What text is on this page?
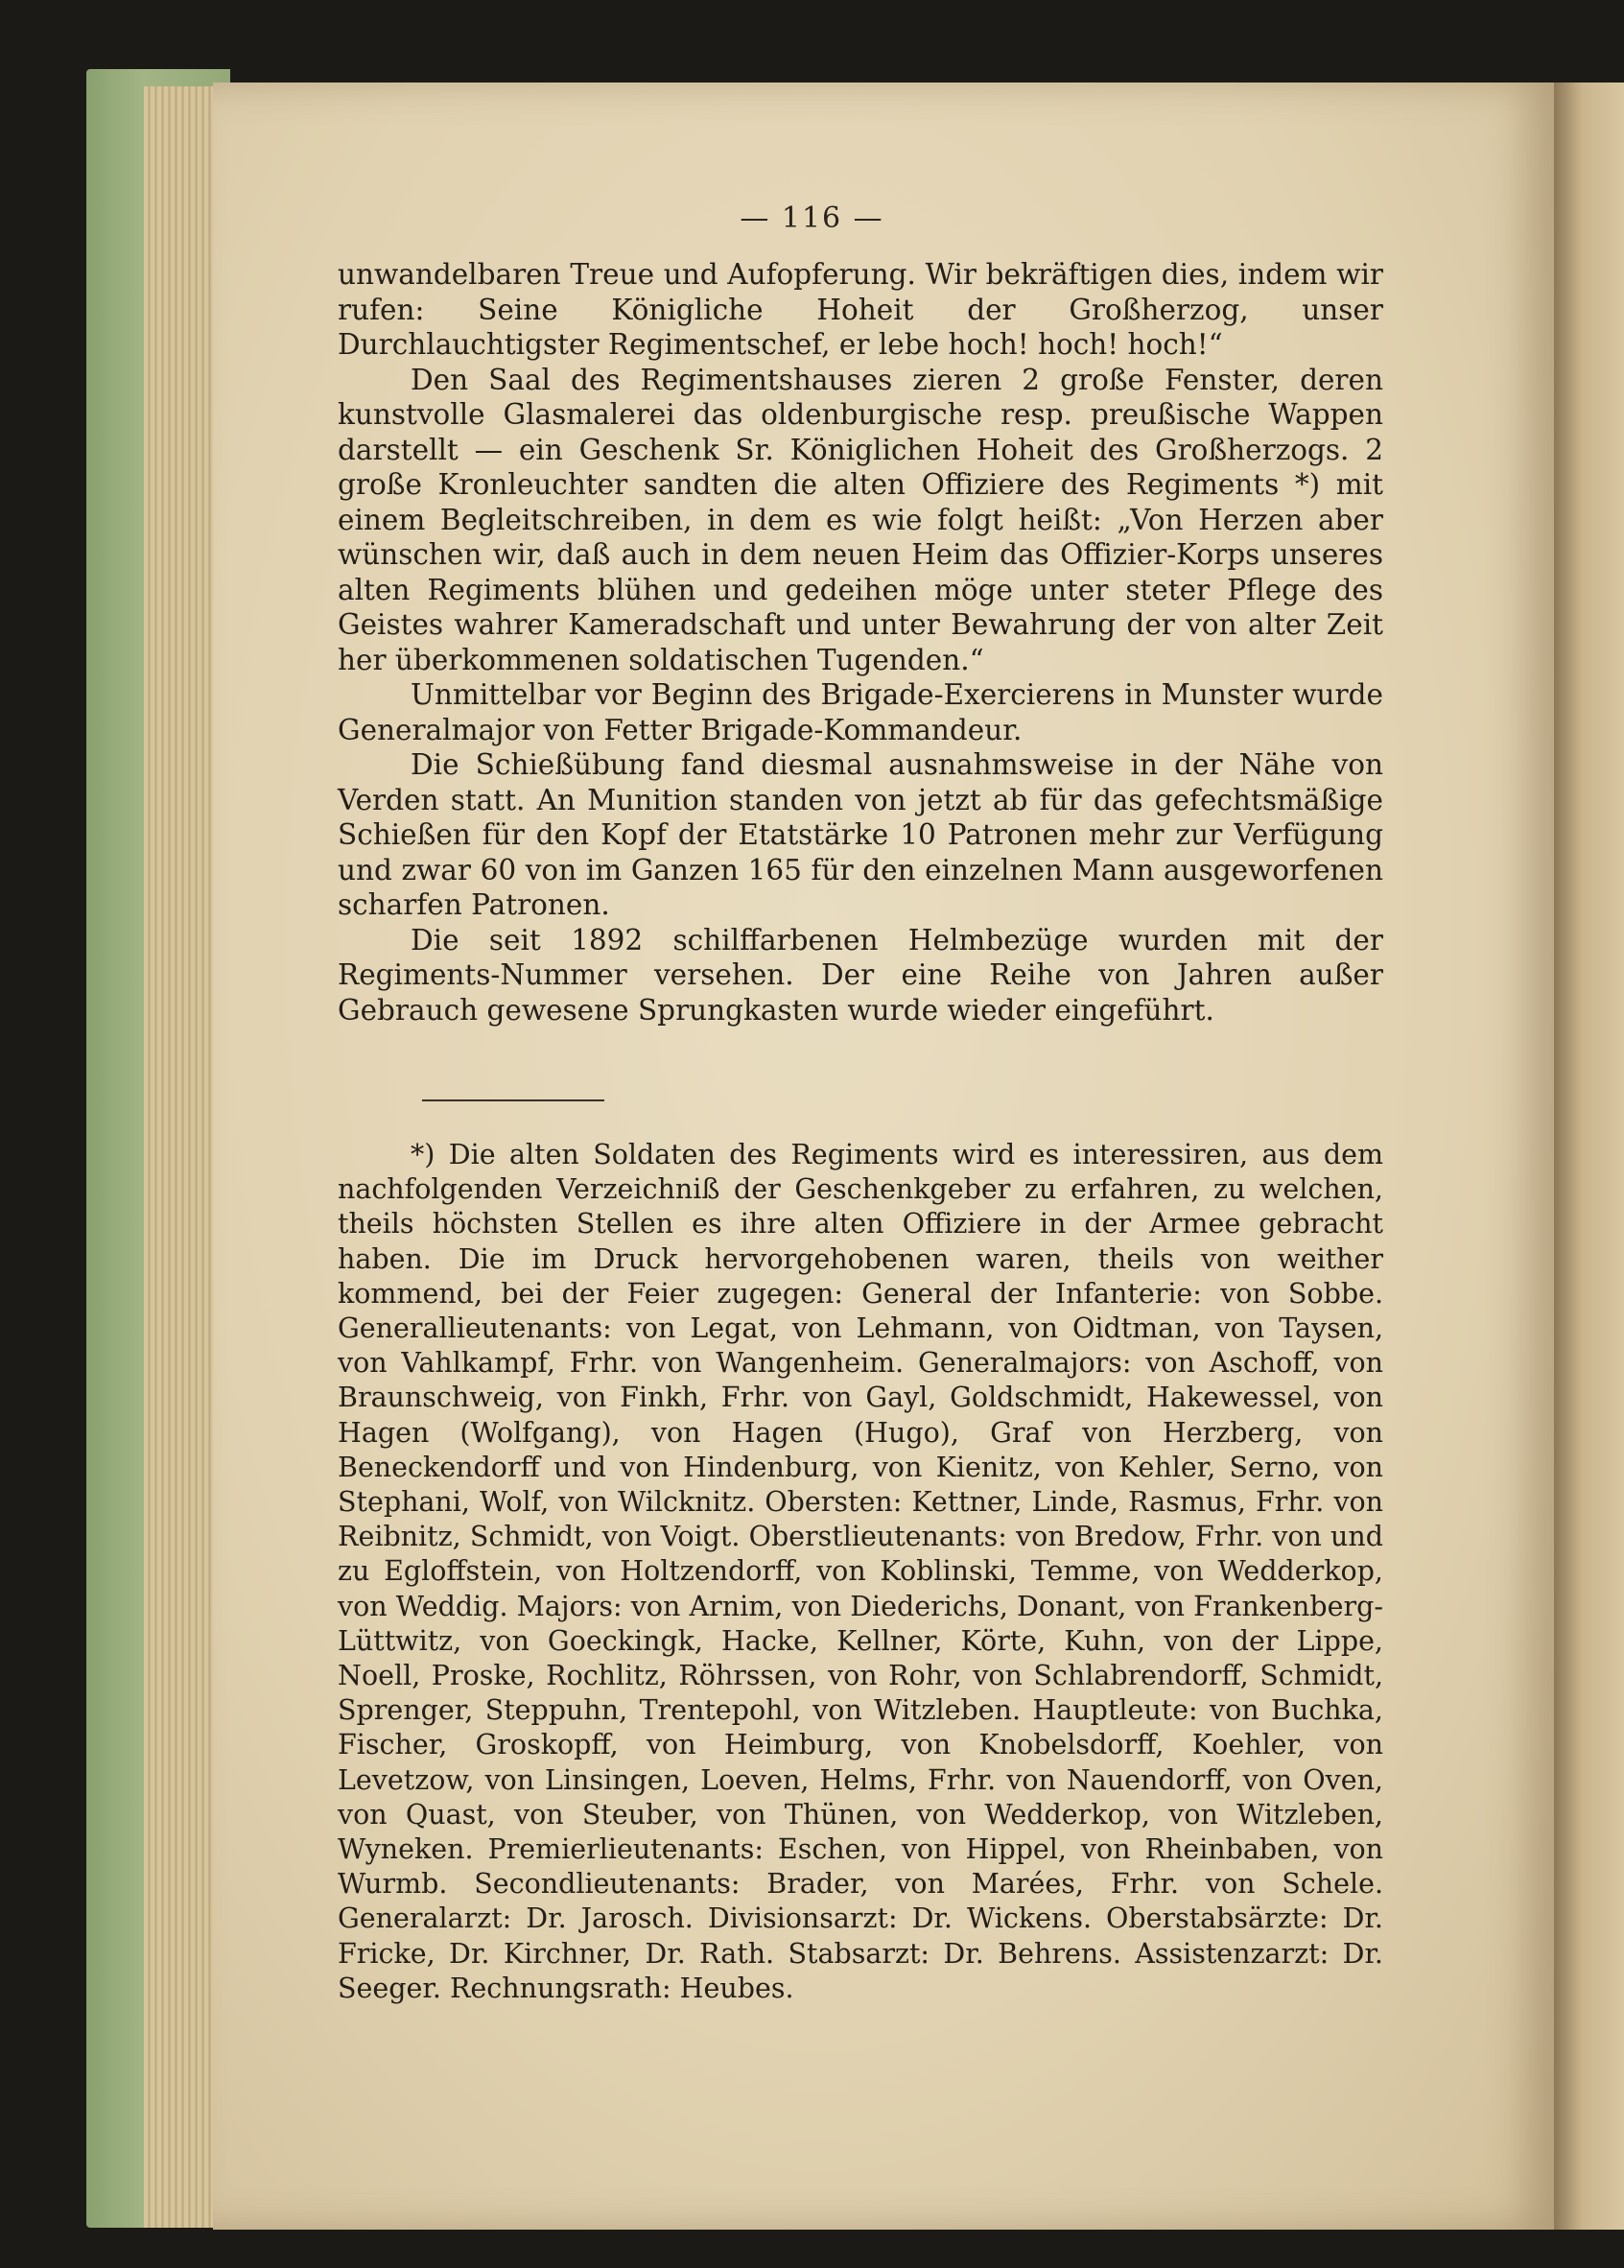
— 116 —

unwandelbaren Treue und Aufopferung. Wir bekräftigen dies, indem wir rufen: Seine Königliche Hoheit der Großherzog, unser Durchlauchtigster Regimentschef, er lebe hoch! hoch! hoch!“

Den Saal des Regimentshauses zieren 2 große Fenster, deren kunstvolle Glasmalerei das oldenburgische resp. preußische Wappen darstellt — ein Geschenk Sr. Königlichen Hoheit des Großherzogs. 2 große Kronleuchter sandten die alten Offiziere des Regiments *) mit einem Begleitschreiben, in dem es wie folgt heißt: „Von Herzen aber wünschen wir, daß auch in dem neuen Heim das Offizier-Korps unseres alten Regiments blühen und gedeihen möge unter steter Pflege des Geistes wahrer Kameradschaft und unter Bewahrung der von alter Zeit her überkommenen soldatischen Tugenden.“

Unmittelbar vor Beginn des Brigade-Exercierens in Munster wurde Generalmajor von Fetter Brigade-Kommandeur.

Die Schießübung fand diesmal ausnahmsweise in der Nähe von Verden statt. An Munition standen von jetzt ab für das gefechtsmäßige Schießen für den Kopf der Etatstärke 10 Patronen mehr zur Verfügung und zwar 60 von im Ganzen 165 für den einzelnen Mann ausgeworfenen scharfen Patronen.

Die seit 1892 schilffarbenen Helmbezüge wurden mit der Regiments-Nummer versehen. Der eine Reihe von Jahren außer Gebrauch gewesene Sprungkasten wurde wieder eingeführt.

*) Die alten Soldaten des Regiments wird es interessiren, aus dem nachfolgenden Verzeichniß der Geschenkgeber zu erfahren, zu welchen, theils höchsten Stellen es ihre alten Offiziere in der Armee gebracht haben. Die im Druck hervorgehobenen waren, theils von weither kommend, bei der Feier zugegen: General der Infanterie: von Sobbe. Generallieutenants: von Legat, von Lehmann, von Oidtman, von Taysen, von Vahlkampf, Frhr. von Wangenheim. Generalmajors: von Aschoff, von Braunschweig, von Finkh, Frhr. von Gayl, Goldschmidt, Hakewessel, von Hagen (Wolfgang), von Hagen (Hugo), Graf von Herzberg, von Beneckendorff und von Hindenburg, von Kienitz, von Kehler, Serno, von Stephani, Wolf, von Wilcknitz. Obersten: Kettner, Linde, Rasmus, Frhr. von Reibnitz, Schmidt, von Voigt. Oberstlieutenants: von Bredow, Frhr. von und zu Egloffstein, von Holtzendorff, von Koblinski, Temme, von Wedderkop, von Weddig. Majors: von Arnim, von Diederichs, Donant, von Frankenberg-Lüttwitz, von Goeckingk, Hacke, Kellner, Körte, Kuhn, von der Lippe, Noell, Proske, Rochlitz, Röhrssen, von Rohr, von Schlabrendorff, Schmidt, Sprenger, Steppuhn, Trentepohl, von Witzleben. Hauptleute: von Buchka, Fischer, Groskopff, von Heimburg, von Knobelsdorff, Koehler, von Levetzow, von Linsingen, Loeven, Helms, Frhr. von Nauendorff, von Oven, von Quast, von Steuber, von Thünen, von Wedderkop, von Witzleben, Wyneken. Premierlieutenants: Eschen, von Hippel, von Rheinbaben, von Wurmb. Secondlieutenants: Brader, von Marées, Frhr. von Schele. Generalarzt: Dr. Jarosch. Divisionsarzt: Dr. Wickens. Oberstabsärzte: Dr. Fricke, Dr. Kirchner, Dr. Rath. Stabsarzt: Dr. Behrens. Assistenzarzt: Dr. Seeger. Rechnungsrath: Heubes.
